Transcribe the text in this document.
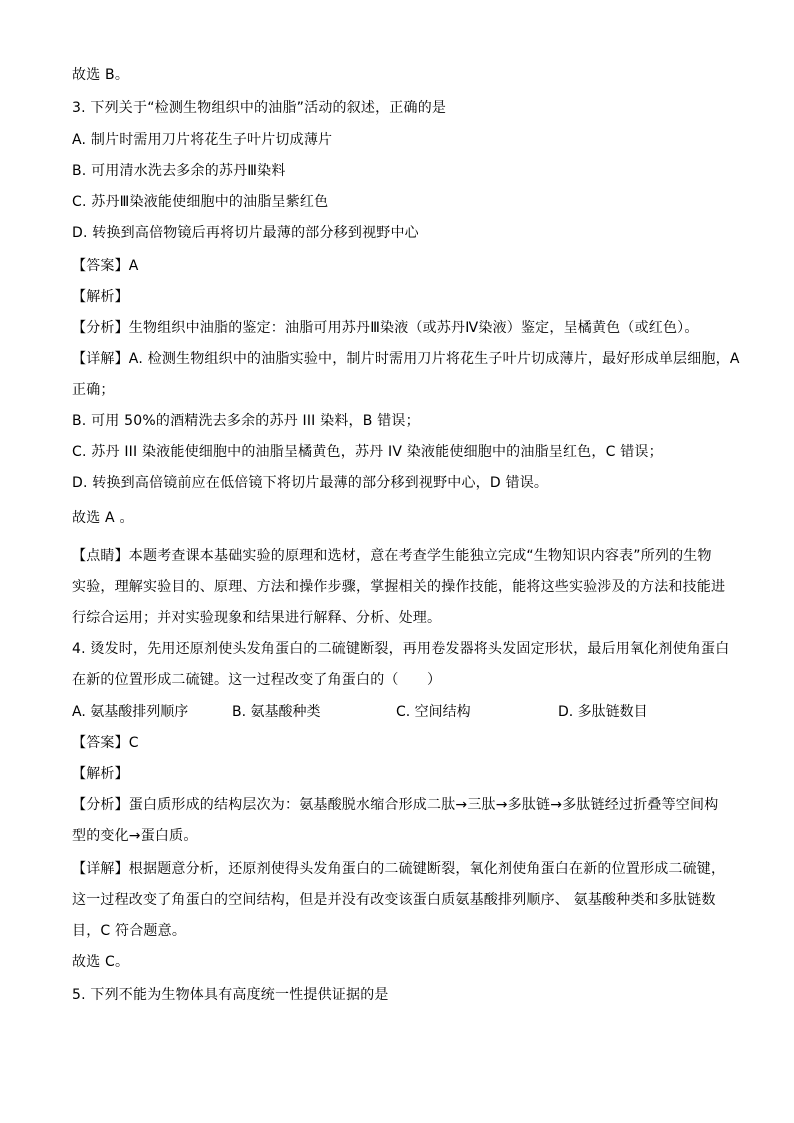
故选 B。
3. 下列关于“检测生物组织中的油脂”活动的叙述，正确的是
A. 制片时需用刀片将花生子叶片切成薄片
B. 可用清水洗去多余的苏丹Ⅲ染料
C. 苏丹Ⅲ染液能使细胞中的油脂呈紫红色
D. 转换到高倍物镜后再将切片最薄的部分移到视野中心
【答案】A
【解析】
【分析】生物组织中油脂的鉴定：油脂可用苏丹Ⅲ染液（或苏丹Ⅳ染液）鉴定，呈橘黄色（或红色）。
【详解】A. 检测生物组织中的油脂实验中，制片时需用刀片将花生子叶片切成薄片，最好形成单层细胞，A
正确；
B. 可用 50%的酒精洗去多余的苏丹 III 染料，B 错误；
C. 苏丹 III 染液能使细胞中的油脂呈橘黄色，苏丹 IV 染液能使细胞中的油脂呈红色，C 错误；
D. 转换到高倍镜前应在低倍镜下将切片最薄的部分移到视野中心，D 错误。
故选 A 。
【点睛】本题考查课本基础实验的原理和选材，意在考查学生能独立完成“生物知识内容表”所列的生物
实验，理解实验目的、原理、方法和操作步骤，掌握相关的操作技能，能将这些实验涉及的方法和技能进
行综合运用；并对实验现象和结果进行解释、分析、处理。
4. 烫发时，先用还原剂使头发角蛋白的二硫键断裂，再用卷发器将头发固定形状，最后用氧化剂使角蛋白
在新的位置形成二硫键。这一过程改变了角蛋白的（　　）
A. 氨基酸排列顺序	B. 氨基酸种类	C. 空间结构	D. 多肽链数目
【答案】C
【解析】
【分析】蛋白质形成的结构层次为：氨基酸脱水缩合形成二肽→三肽→多肽链→多肽链经过折叠等空间构
型的变化→蛋白质。
【详解】根据题意分析，还原剂使得头发角蛋白的二硫键断裂，氧化剂使角蛋白在新的位置形成二硫键，
这一过程改变了角蛋白的空间结构，但是并没有改变该蛋白质氨基酸排列顺序、 氨基酸种类和多肽链数
目，C 符合题意。
故选 C。
5. 下列不能为生物体具有高度统一性提供证据的是
